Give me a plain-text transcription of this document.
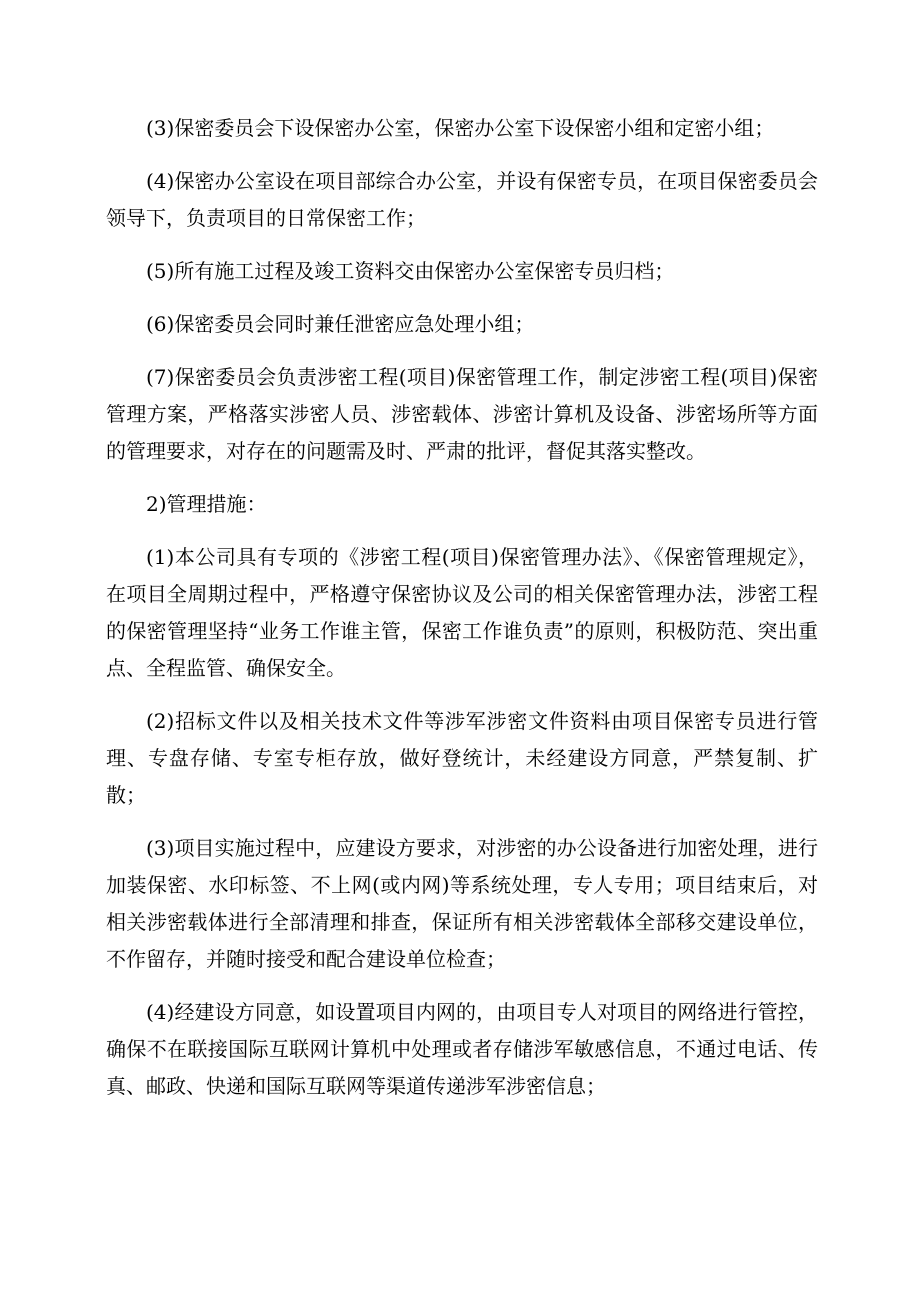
(3)保密委员会下设保密办公室，保密办公室下设保密小组和定密小组；

(4)保密办公室设在项目部综合办公室，并设有保密专员，在项目保密委员会领导下，负责项目的日常保密工作；

(5)所有施工过程及竣工资料交由保密办公室保密专员归档；

(6)保密委员会同时兼任泄密应急处理小组；

(7)保密委员会负责涉密工程(项目)保密管理工作，制定涉密工程(项目)保密管理方案，严格落实涉密人员、涉密载体、涉密计算机及设备、涉密场所等方面的管理要求，对存在的问题需及时、严肃的批评，督促其落实整改。

2)管理措施：

(1)本公司具有专项的《涉密工程(项目)保密管理办法》、《保密管理规定》，在项目全周期过程中，严格遵守保密协议及公司的相关保密管理办法，涉密工程的保密管理坚持“业务工作谁主管，保密工作谁负责”的原则，积极防范、突出重点、全程监管、确保安全。

(2)招标文件以及相关技术文件等涉军涉密文件资料由项目保密专员进行管理、专盘存储、专室专柜存放，做好登统计，未经建设方同意，严禁复制、扩散；

(3)项目实施过程中，应建设方要求，对涉密的办公设备进行加密处理，进行加装保密、水印标签、不上网(或内网)等系统处理，专人专用；项目结束后，对相关涉密载体进行全部清理和排查，保证所有相关涉密载体全部移交建设单位，不作留存，并随时接受和配合建设单位检查；

(4)经建设方同意，如设置项目内网的，由项目专人对项目的网络进行管控，确保不在联接国际互联网计算机中处理或者存储涉军敏感信息，不通过电话、传真、邮政、快递和国际互联网等渠道传递涉军涉密信息；
